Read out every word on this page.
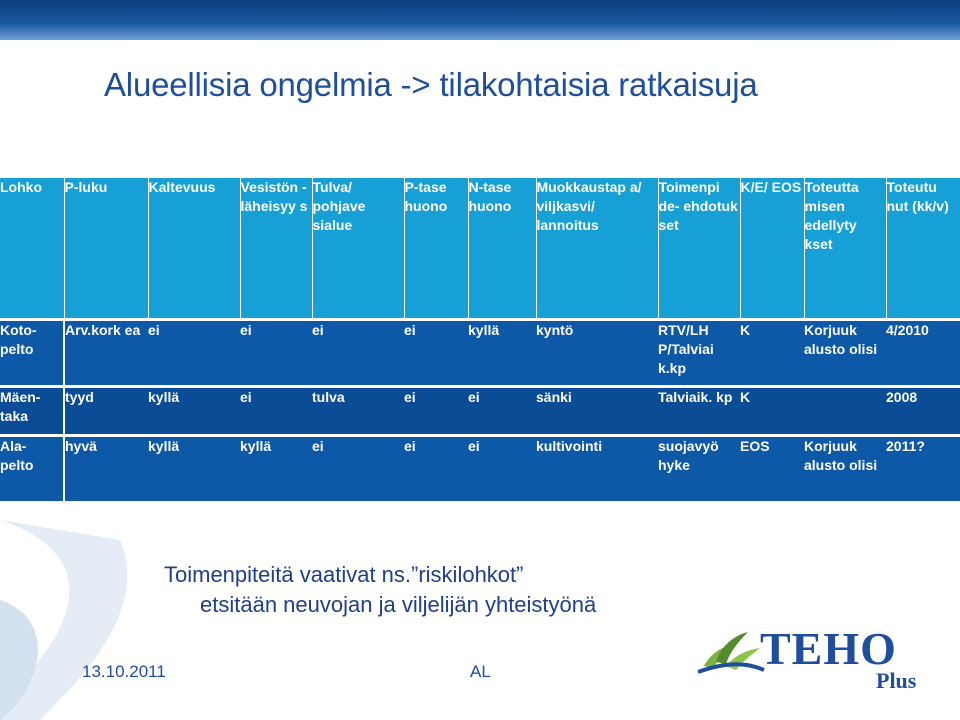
Alueellisia ongelmia -> tilakohtaisia ratkaisuja
Lohko	P-luku	Kaltevuus	Vesistön - läheisyy s	Tulva/ pohjave sialue	P-tase huono	N-tase huono	Muokkaustap a/ viljkasvi/ lannoitus	Toimenpi de- ehdotuk set	K/E/ EOS	Toteutta misen edellyty kset	Toteutu nut (kk/v)

Koto- pelto	Arv.kork ea	ei	ei	ei	ei	kyllä	kyntö	RTV/LH P/Talviai k.kp	K	Korjuuk alusto olisi	4/2010

Mäen- taka	tyyd	kyllä	ei	tulva	ei	ei	sänki	Talviaik. kp	K		2008

Ala- pelto	hyvä	kyllä	kyllä	ei	ei	ei	kultivointi	suojavyö hyke	EOS	Korjuuk alusto olisi	2011?
Toimenpiteitä vaativat ns.”riskilohkot”
etsitään neuvojan ja viljelijän yhteistyönä
13.10.2011	AL	TEHO
Plus
